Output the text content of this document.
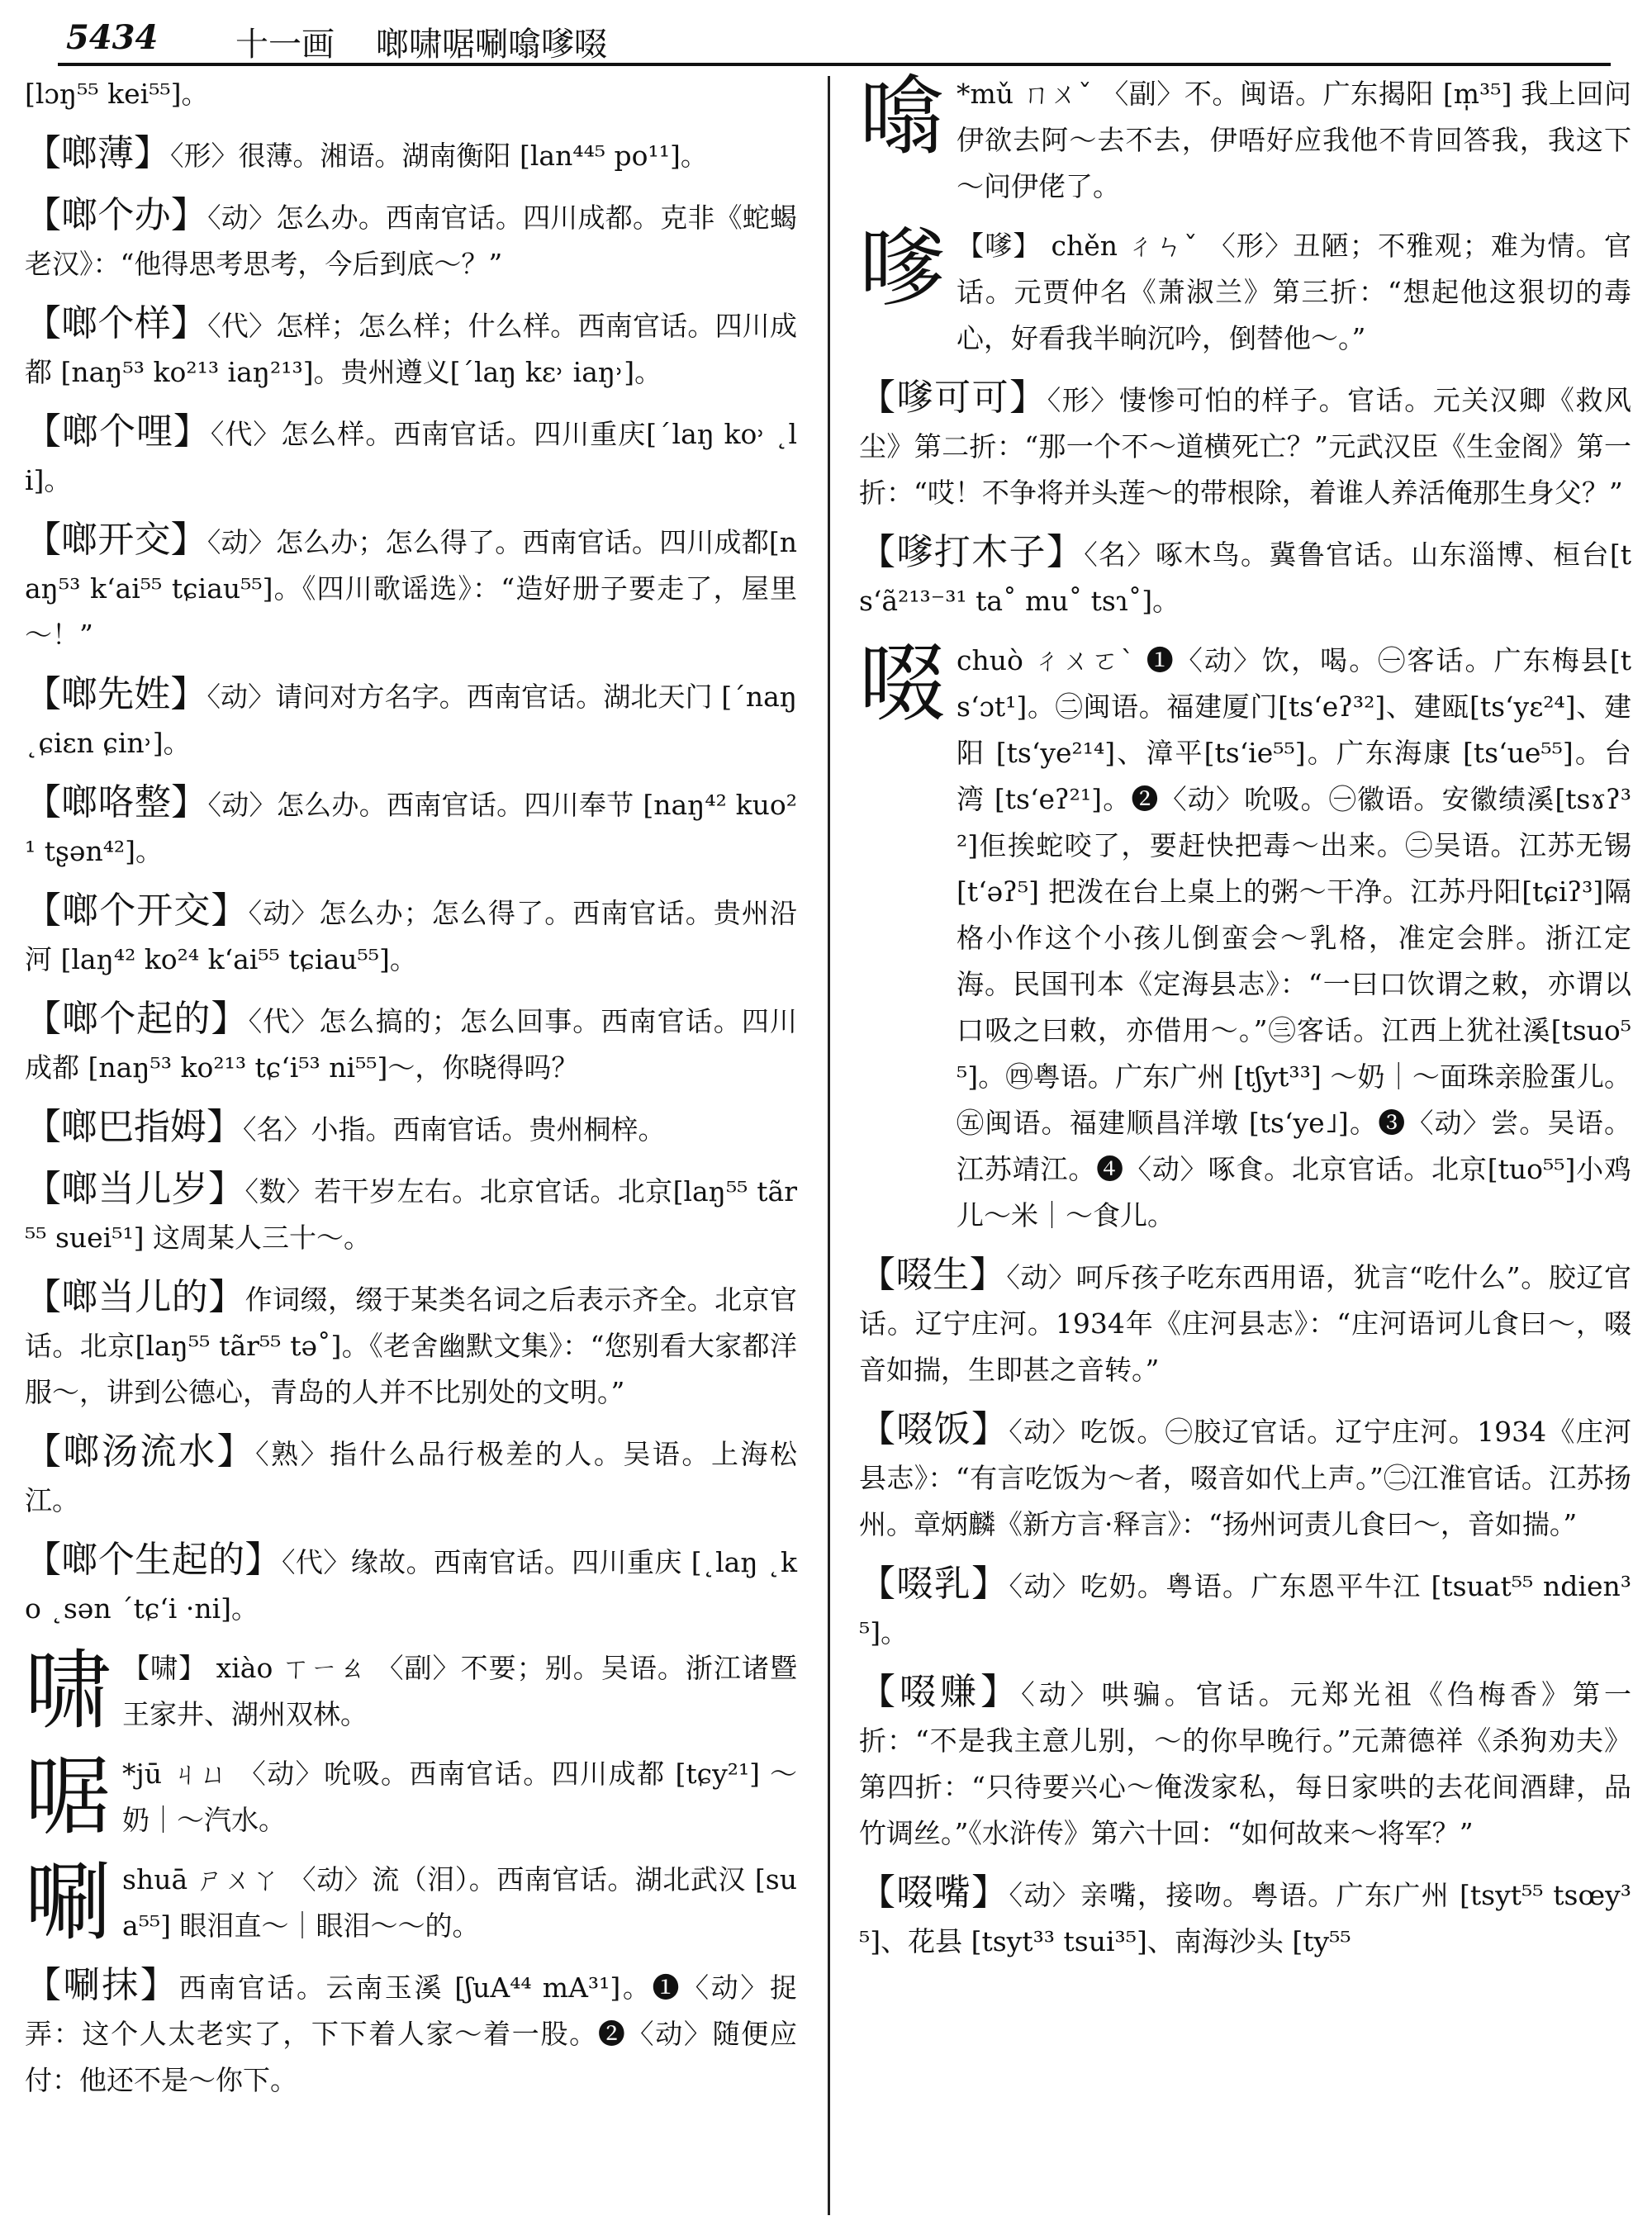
5434 十一画 啷啸啹唰噏嗲啜
[lɔŋ⁵⁵ kei⁵⁵]。
【啷薄】〈形〉很薄。湘语。湖南衡阳 [lan⁴⁴⁵ po¹¹]。
【啷个办】〈动〉怎么办。西南官话。四川成都。克非《蛇蝎老汉》：“他得思考思考，今后到底～？”
【啷个样】〈代〉怎样；怎么样；什么样。西南官话。四川成都 [naŋ⁵³ ko²¹³ iaŋ²¹³]。贵州遵义[ˊlaŋ kɛ˒ iaŋ˒]。
【啷个哩】〈代〉怎么样。西南官话。四川重庆[ˊlaŋ ko˒ ˛li]。
【啷开交】〈动〉怎么办；怎么得了。西南官话。四川成都[naŋ⁵³ k‘ai⁵⁵ tɕiau⁵⁵]。《四川歌谣选》：“造好册子要走了，屋里～！”
【啷先姓】〈动〉请问对方名字。西南官话。湖北天门 [ˊnaŋ ˛ɕiɛn ɕin˒]。
【啷咯整】〈动〉怎么办。西南官话。四川奉节 [naŋ⁴² kuo²¹ tʂən⁴²]。
【啷个开交】〈动〉怎么办；怎么得了。西南官话。贵州沿河 [laŋ⁴² ko²⁴ k‘ai⁵⁵ tɕiau⁵⁵]。
【啷个起的】〈代〉怎么搞的；怎么回事。西南官话。四川成都 [naŋ⁵³ ko²¹³ tɕ‘i⁵³ ni⁵⁵]～，你晓得吗？
【啷巴指姆】〈名〉小指。西南官话。贵州桐梓。
【啷当儿岁】〈数〉若干岁左右。北京官话。北京[laŋ⁵⁵ tãr⁵⁵ suei⁵¹] 这周某人三十～。
【啷当儿的】作词缀，缀于某类名词之后表示齐全。北京官话。北京[laŋ⁵⁵ tãr⁵⁵ tə˚]。《老舍幽默文集》：“您别看大家都洋服～，讲到公德心，青岛的人并不比别处的文明。”
【啷汤流水】〈熟〉指什么品行极差的人。吴语。上海松江。
【啷个生起的】〈代〉缘故。西南官话。四川重庆 [˛laŋ ˛ko ˛sən ˊtɕ‘i ·ni]。
啸 【啸】 xiào ㄒㄧㄠ 〈副〉不要；别。吴语。浙江诸暨王家井、湖州双林。
啹 *jū ㄐㄩ 〈动〉吮吸。西南官话。四川成都 [tɕy²¹] ～奶｜～汽水。
唰 shuā ㄕㄨㄚ 〈动〉流（泪）。西南官话。湖北武汉 [sua⁵⁵] 眼泪直～｜眼泪～～的。
【唰抹】西南官话。云南玉溪 [ʃuA⁴⁴ mA³¹]。❶〈动〉捉弄：这个人太老实了，下下着人家～着一股。❷〈动〉随便应付：他还不是～你下。
噏 *mǔ ㄇㄨˇ 〈副〉不。闽语。广东揭阳 [m̩³⁵] 我上回问伊欲去阿～去不去，伊唔好应我他不肯回答我，我这下～问伊佬了。
嗲 【嗲】 chěn ㄔㄣˇ 〈形〉丑陋；不雅观；难为情。官话。元贾仲名《萧淑兰》第三折：“想起他这狠切的毒心，好看我半晌沉吟，倒替他～。”
【嗲可可】〈形〉悽惨可怕的样子。官话。元关汉卿《救风尘》第二折：“那一个不～道横死亡？”元武汉臣《生金阁》第一折：“哎！不争将并头莲～的带根除，着谁人养活俺那生身父？”
【嗲打木子】〈名〉啄木鸟。冀鲁官话。山东淄博、桓台[ts‘ã²¹³⁻³¹ ta˚ mu˚ tsɿ˚]。
啜 chuò ㄔㄨㄛˋ ❶〈动〉饮，喝。㊀客话。广东梅县[ts‘ɔt¹]。㊁闽语。福建厦门[ts‘eʔ³²]、建瓯[ts‘yɛ²⁴]、建阳 [ts‘ye²¹⁴]、漳平[ts‘ie⁵⁵]。广东海康 [ts‘ue⁵⁵]。台湾 [ts‘eʔ²¹]。❷〈动〉吮吸。㊀徽语。安徽绩溪[tsɤʔ³²]佢挨蛇咬了，要赶快把毒～出来。㊁吴语。江苏无锡 [t‘əʔ⁵] 把泼在台上桌上的粥～干净。江苏丹阳[tɕiʔ³]隔格小作这个小孩儿倒蛮会～乳格，准定会胖。浙江定海。民国刊本《定海县志》：“一曰口饮谓之敕，亦谓以口吸之曰敕，亦借用～。”㊂客话。江西上犹社溪[tsuo⁵⁵]。㊃粤语。广东广州 [tʃyt³³] ～奶｜～面珠亲脸蛋儿。㊄闽语。福建顺昌洋墩 [ts‘ye˩]。❸〈动〉尝。吴语。江苏靖江。❹〈动〉啄食。北京官话。北京[tuo⁵⁵]小鸡儿～米｜～食儿。
【啜生】〈动〉呵斥孩子吃东西用语，犹言“吃什么”。胶辽官话。辽宁庄河。1934年《庄河县志》：“庄河语诃儿食曰～，啜音如揣，生即甚之音转。”
【啜饭】〈动〉吃饭。㊀胶辽官话。辽宁庄河。1934《庄河县志》：“有言吃饭为～者，啜音如代上声。”㊁江淮官话。江苏扬州。章炳麟《新方言·释言》：“扬州诃责儿食曰～，音如揣。”
【啜乳】〈动〉吃奶。粤语。广东恩平牛江 [tsuat⁵⁵ ndien³⁵]。
【啜赚】〈动〉哄骗。官话。元郑光祖《㑇梅香》第一折：“不是我主意儿别，～的你早晚行。”元萧德祥《杀狗劝夫》第四折：“只待要兴心～俺泼家私，每日家哄的去花间酒肆，品竹调丝。”《水浒传》第六十回：“如何故来～将军？”
【啜嘴】〈动〉亲嘴，接吻。粤语。广东广州 [tsyt⁵⁵ tsœy³⁵]、花县 [tsyt³³ tsui³⁵]、南海沙头 [ty⁵⁵
